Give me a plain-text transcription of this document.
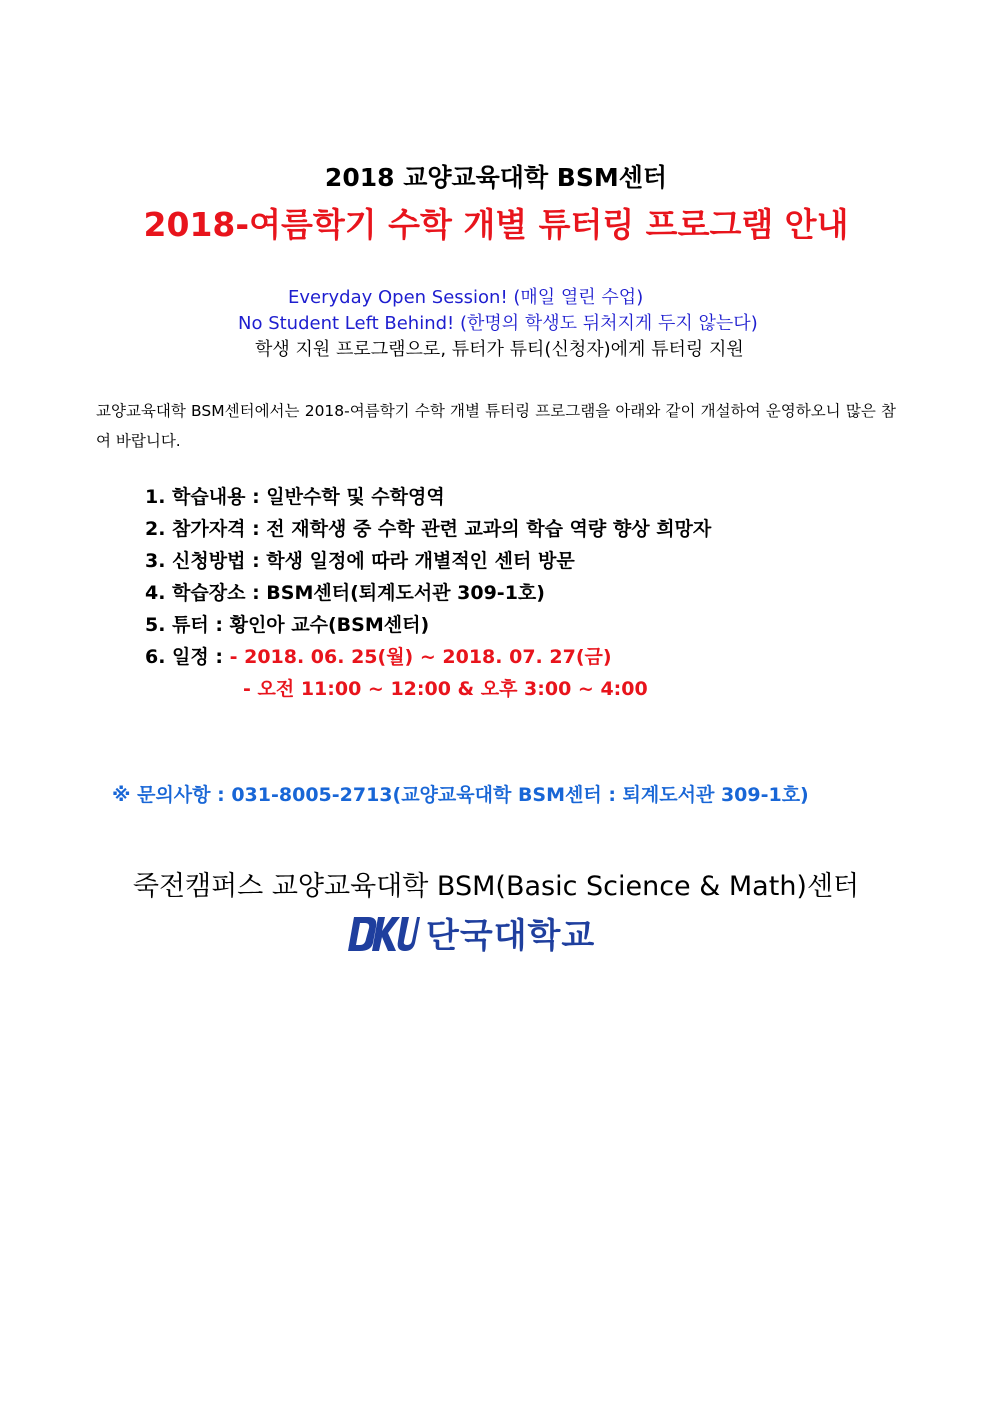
2018 교양교육대학 BSM센터
2018-여름학기 수학 개별 튜터링 프로그램 안내
Everyday Open Session! (매일 열린 수업)
No Student Left Behind! (한명의 학생도 뒤처지게 두지 않는다)
학생 지원 프로그램으로, 튜터가 튜티(신청자)에게 튜터링 지원
교양교육대학 BSM센터에서는 2018-여름학기 수학 개별 튜터링 프로그램을 아래와 같이 개설하여 운영하오니 많은 참여 바랍니다.
1. 학습내용 : 일반수학 및 수학영역
2. 참가자격 : 전 재학생 중 수학 관련 교과의 학습 역량 향상 희망자
3. 신청방법 : 학생 일정에 따라 개별적인 센터 방문
4. 학습장소 : BSM센터(퇴계도서관 309-1호)
5. 튜터 : 황인아 교수(BSM센터)
6. 일정 : - 2018. 06. 25(월) ~ 2018. 07. 27(금)
- 오전 11:00 ~ 12:00 & 오후 3:00 ~ 4:00
※ 문의사항 : 031-8005-2713(교양교육대학 BSM센터 : 퇴계도서관 309-1호)
죽전캠퍼스 교양교육대학 BSM(Basic Science & Math)센터
단국대학교
